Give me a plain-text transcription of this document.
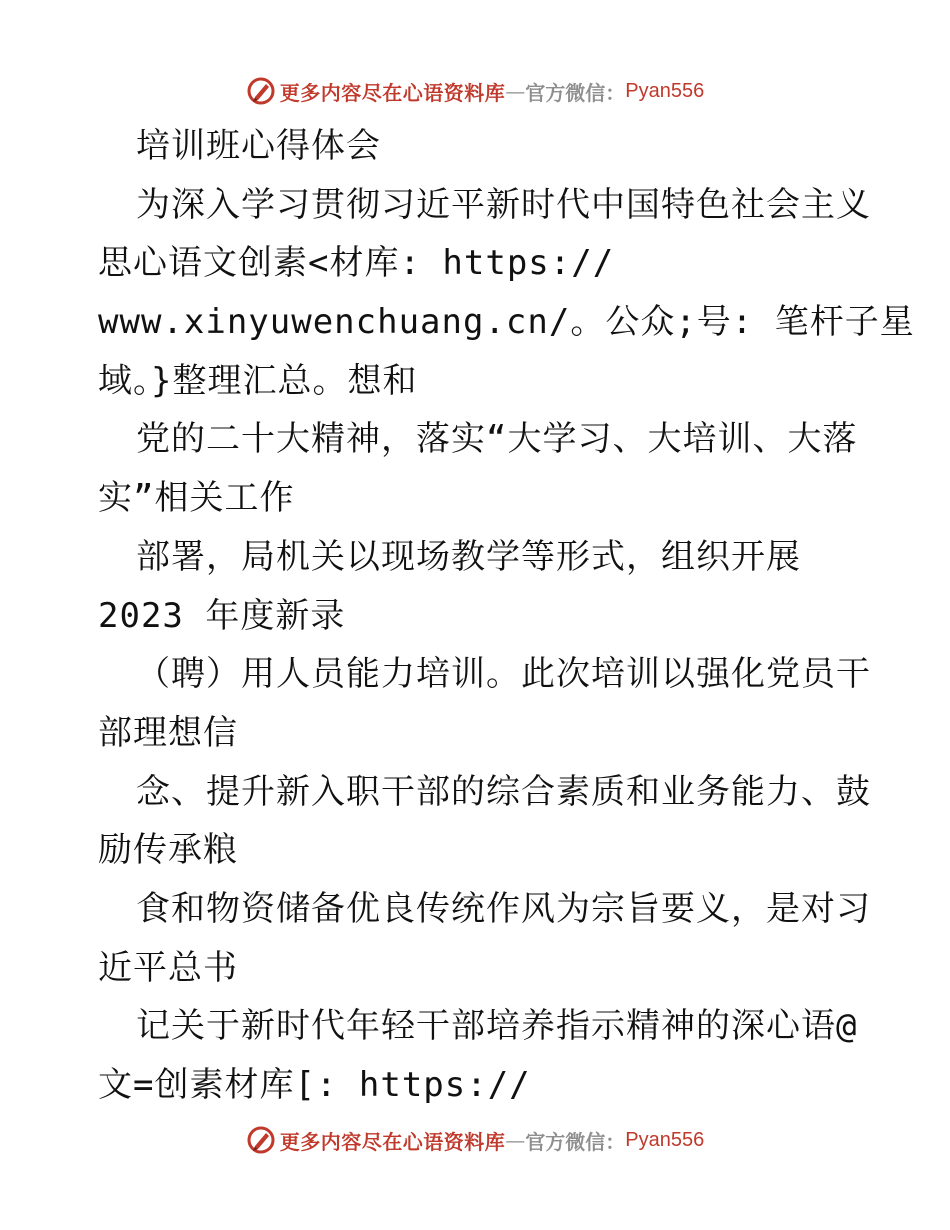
更多内容尽在心语资料库 — 官方微信： Pyan556
培训班心得体会
为深入学习贯彻习近平新时代中国特色社会主义
思心语文创素<材库: https://
www.xinyuwenchuang.cn/。公众;号: 笔杆子星
域。}整理汇总。想和
党的二十大精神，落实“大学习、大培训、大落
实”相关工作
部署，局机关以现场教学等形式，组织开展
2023 年度新录
（聘）用人员能力培训。此次培训以强化党员干
部理想信
念、提升新入职干部的综合素质和业务能力、鼓
励传承粮
食和物资储备优良传统作风为宗旨要义，是对习
近平总书
记关于新时代年轻干部培养指示精神的深心语@
文=创素材库[: https://
更多内容尽在心语资料库 — 官方微信： Pyan556
